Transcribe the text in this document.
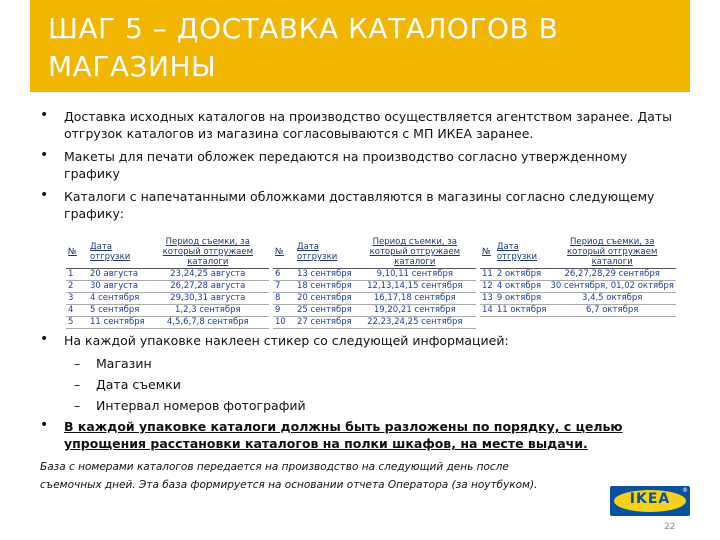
ШАГ 5 – ДОСТАВКА КАТАЛОГОВ В МАГАЗИНЫ
• Доставка исходных каталогов на производство осуществляется агентством заранее. Даты отгрузок каталогов из магазина согласовываются с МП ИКЕА заранее.
• Макеты для печати обложек передаются на производство согласно утвержденному графику
• Каталоги с напечатанными обложками доставляются в магазины согласно следующему графику:
• На каждой упаковке наклеен стикер со следующей информацией:
– Магазин
– Дата съемки
– Интервал номеров фотографий
• В каждой упаковке каталоги должны быть разложены по порядку, с целью упрощения расстановки каталогов на полки шкафов, на месте выдачи.
База с номерами каталогов передается на производство на следующий день после
съемочных дней. Эта база формируется на основании отчета Оператора (за ноутбуком).
№	Дата отгрузки	Период съемки, за который отгружаем каталоги
1	20 августа	23,24,25 августа
2	30 августа	26,27,28 августа
3	4 сентября	29,30,31 августа
4	5 сентября	1,2,3 сентября
5	11 сентября	4,5,6,7,8 сентября
№	Дата отгрузки	Период съемки, за который отгружаем каталоги
6	13 сентября	9,10,11 сентября
7	18 сентября	12,13,14,15 сентября
8	20 сентября	16,17,18 сентября
9	25 сентября	19,20,21 сентября
10	27 сентября	22,23,24,25 сентября
№	Дата отгрузки	Период съемки, за который отгружаем каталоги
11	2 октября	26,27,28,29 сентября
12	4 октября	30 сентября, 01,02 октября
13	9 октября	3,4,5 октября
14	11 октября	6,7 октября
IKEA
®
22
